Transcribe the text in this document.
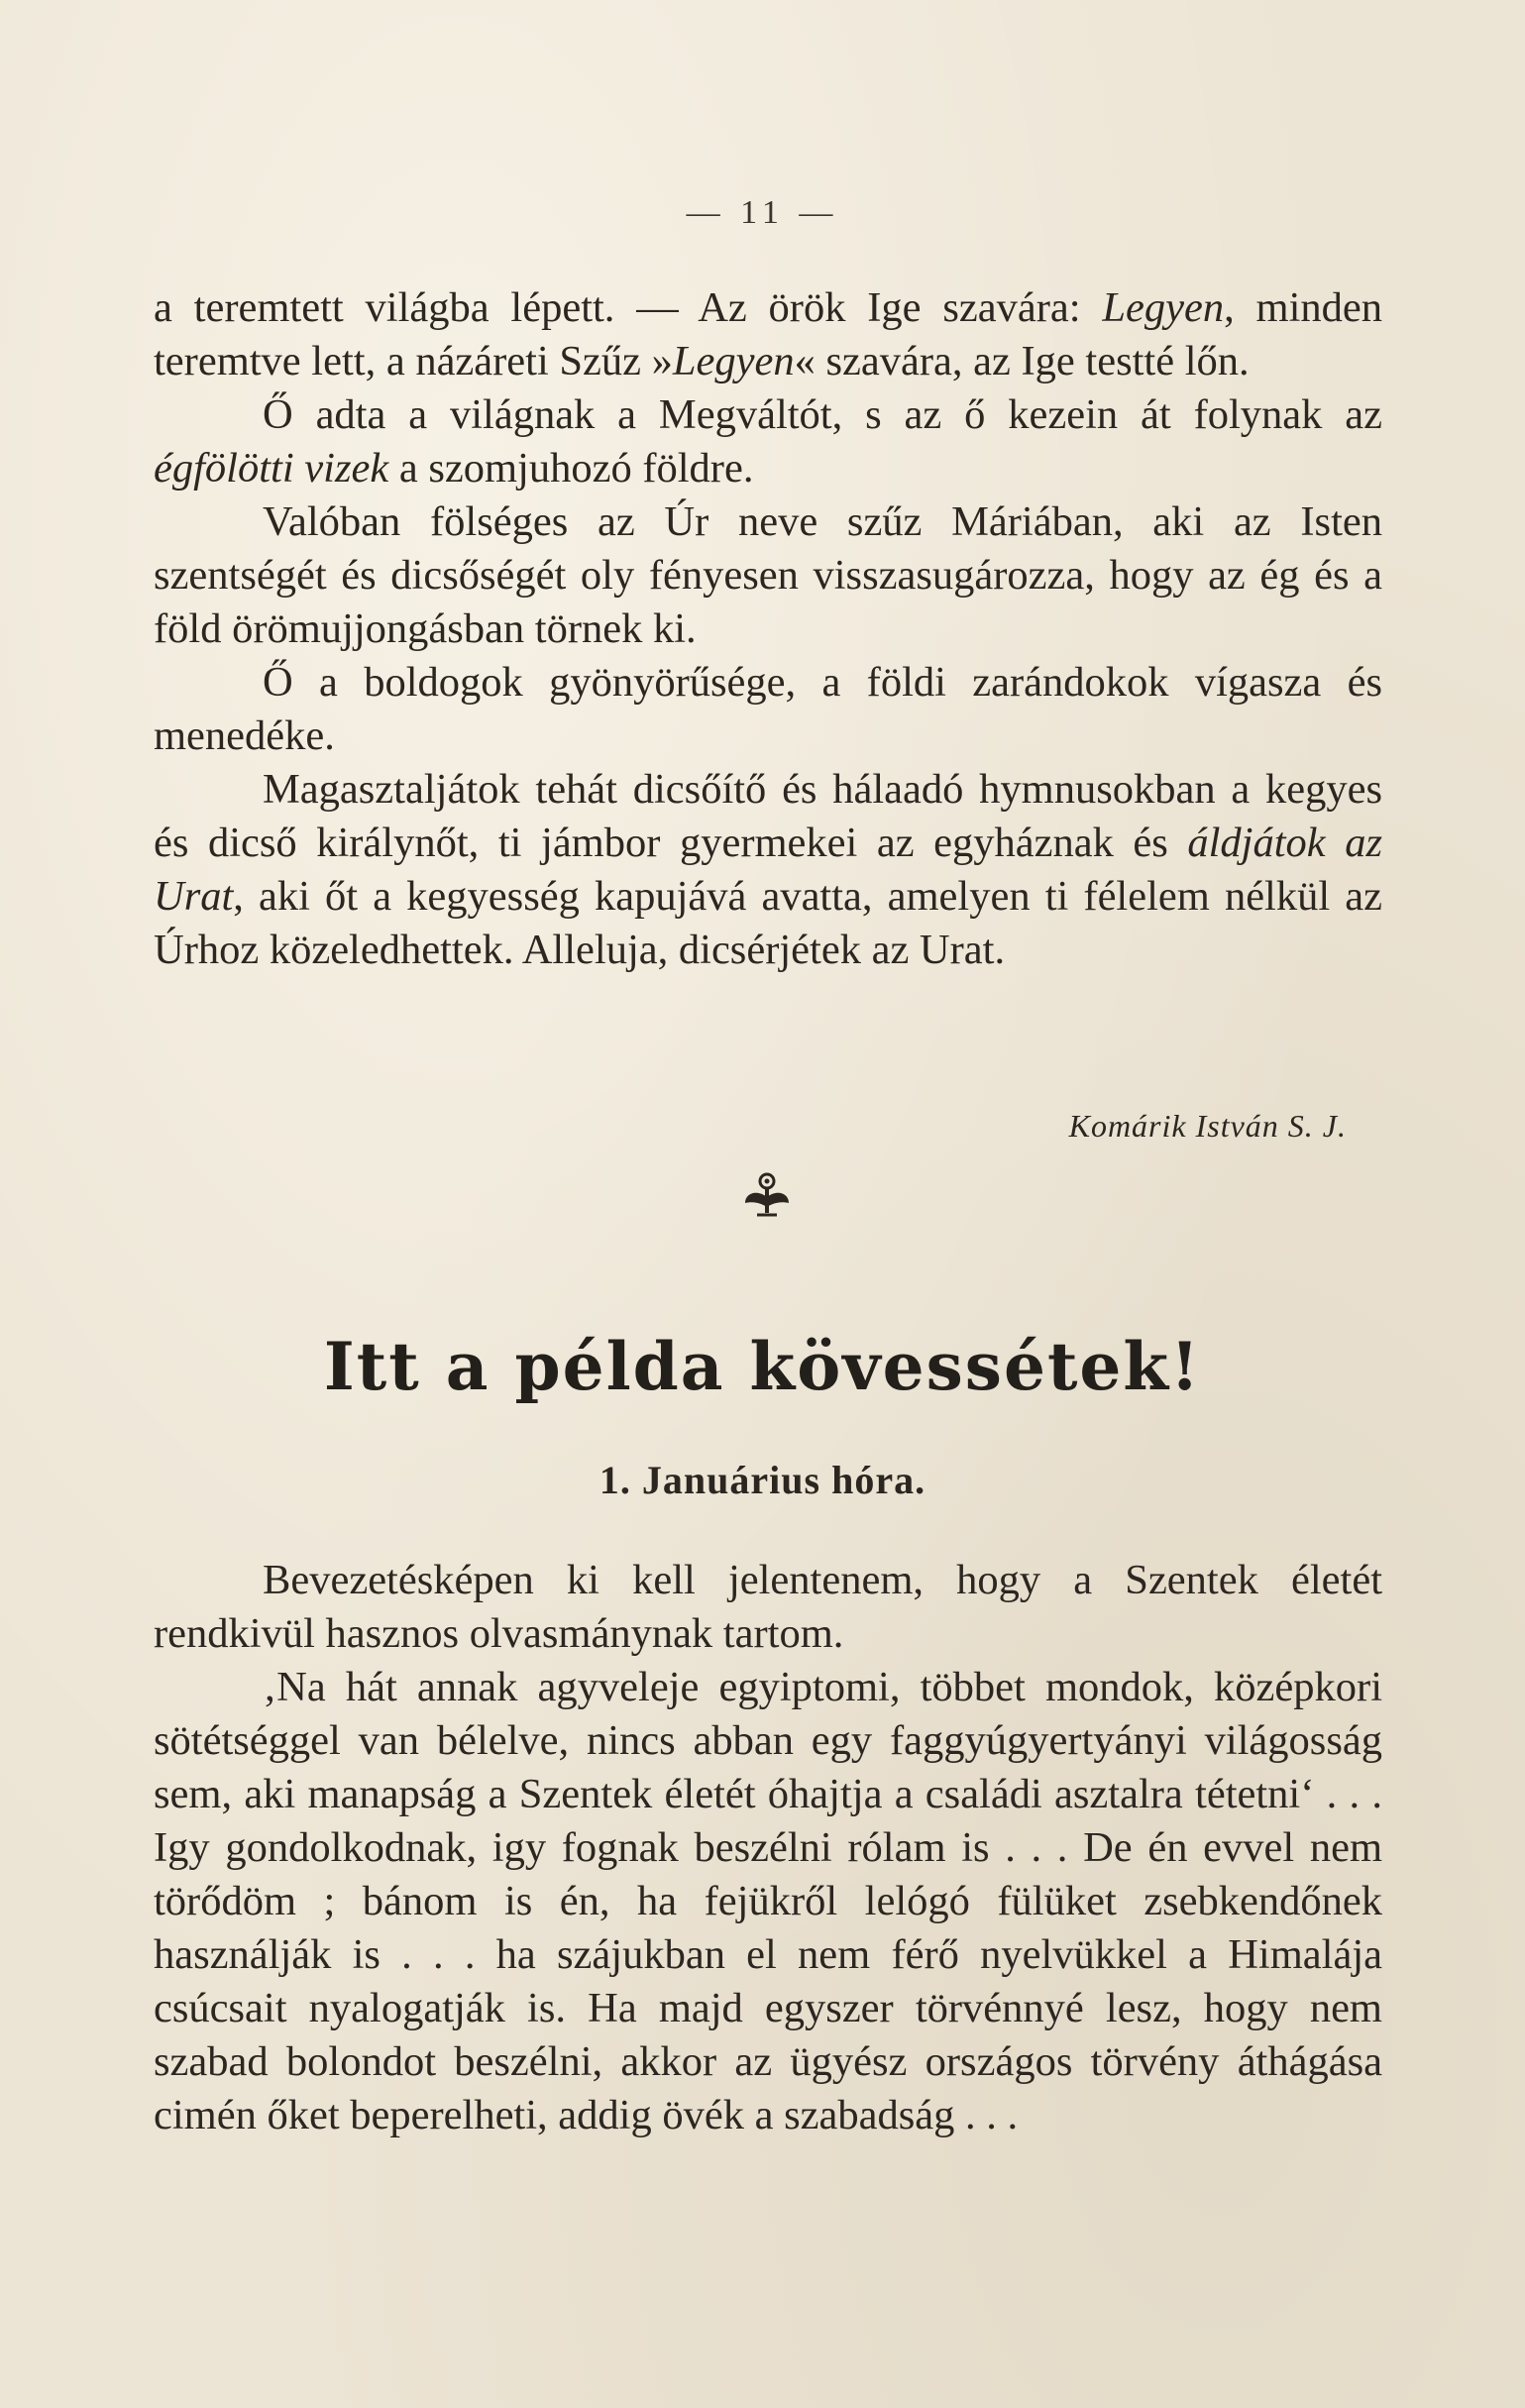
— 11 —

a teremtett világba lépett. — Az örök Ige szavára: Legyen, minden teremtve lett, a názáreti Szűz »Legyen« szavára, az Ige testté lőn.

Ő adta a világnak a Megváltót, s az ő kezein át folynak az égfölötti vizek a szomjuhozó földre.

Valóban fölséges az Úr neve szűz Máriában, aki az Isten szentségét és dicsőségét oly fényesen visszasugározza, hogy az ég és a föld örömujjongásban törnek ki.

Ő a boldogok gyönyörűsége, a földi zarándokok vígasza és menedéke.

Magasztaljátok tehát dicsőítő és hálaadó hymnusokban a kegyes és dicső királynőt, ti jámbor gyermekei az egyháznak és áldjátok az Urat, aki őt a kegyesség kapujává avatta, amelyen ti félelem nélkül az Úrhoz közeledhettek. Alleluja, dicsérjétek az Urat.

Komárik István S. J.
Itt a példa kövessétek!
1. Januárius hóra.

Bevezetésképen ki kell jelentenem, hogy a Szentek életét rendkivül hasznos olvasmánynak tartom.

‚Na hát annak agyveleje egyiptomi, többet mondok, középkori sötétséggel van bélelve, nincs abban egy faggyúgyertyányi világosság sem, aki manapság a Szentek életét óhajtja a családi asztalra tétetni‘ . . . Igy gondolkodnak, igy fognak beszélni rólam is . . . De én evvel nem törődöm ; bánom is én, ha fejükről lelógó fülüket zsebkendőnek használják is . . . ha szájukban el nem férő nyelvükkel a Himalája csúcsait nyalogatják is. Ha majd egyszer törvénnyé lesz, hogy nem szabad bolondot beszélni, akkor az ügyész országos törvény áthágása cimén őket beperelheti, addig övék a szabadság . . .
